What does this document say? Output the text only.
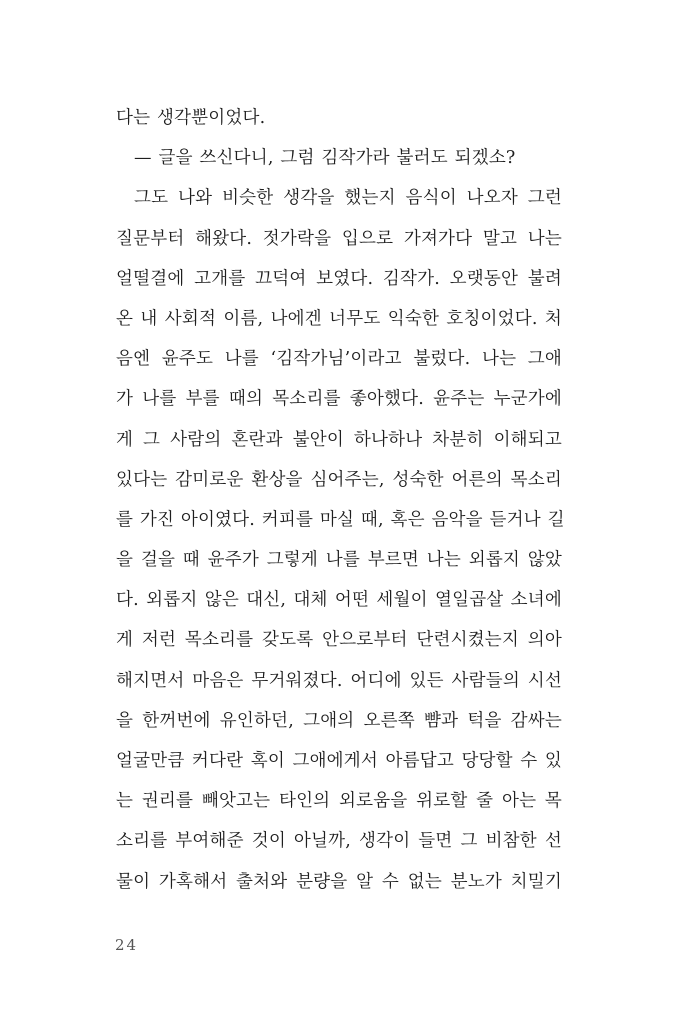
다는 생각뿐이었다.
— 글을 쓰신다니, 그럼 김작가라 불러도 되겠소?
그도 나와 비슷한 생각을 했는지 음식이 나오자 그런
질문부터 해왔다. 젓가락을 입으로 가져가다 말고 나는
얼떨결에 고개를 끄덕여 보였다. 김작가. 오랫동안 불려
온 내 사회적 이름, 나에겐 너무도 익숙한 호칭이었다. 처
음엔 윤주도 나를 ‘김작가님’이라고 불렀다. 나는 그애
가 나를 부를 때의 목소리를 좋아했다. 윤주는 누군가에
게 그 사람의 혼란과 불안이 하나하나 차분히 이해되고
있다는 감미로운 환상을 심어주는, 성숙한 어른의 목소리
를 가진 아이였다. 커피를 마실 때, 혹은 음악을 듣거나 길
을 걸을 때 윤주가 그렇게 나를 부르면 나는 외롭지 않았
다. 외롭지 않은 대신, 대체 어떤 세월이 열일곱살 소녀에
게 저런 목소리를 갖도록 안으로부터 단련시켰는지 의아
해지면서 마음은 무거워졌다. 어디에 있든 사람들의 시선
을 한꺼번에 유인하던, 그애의 오른쪽 뺨과 턱을 감싸는
얼굴만큼 커다란 혹이 그애에게서 아름답고 당당할 수 있
는 권리를 빼앗고는 타인의 외로움을 위로할 줄 아는 목
소리를 부여해준 것이 아닐까, 생각이 들면 그 비참한 선
물이 가혹해서 출처와 분량을 알 수 없는 분노가 치밀기
24
